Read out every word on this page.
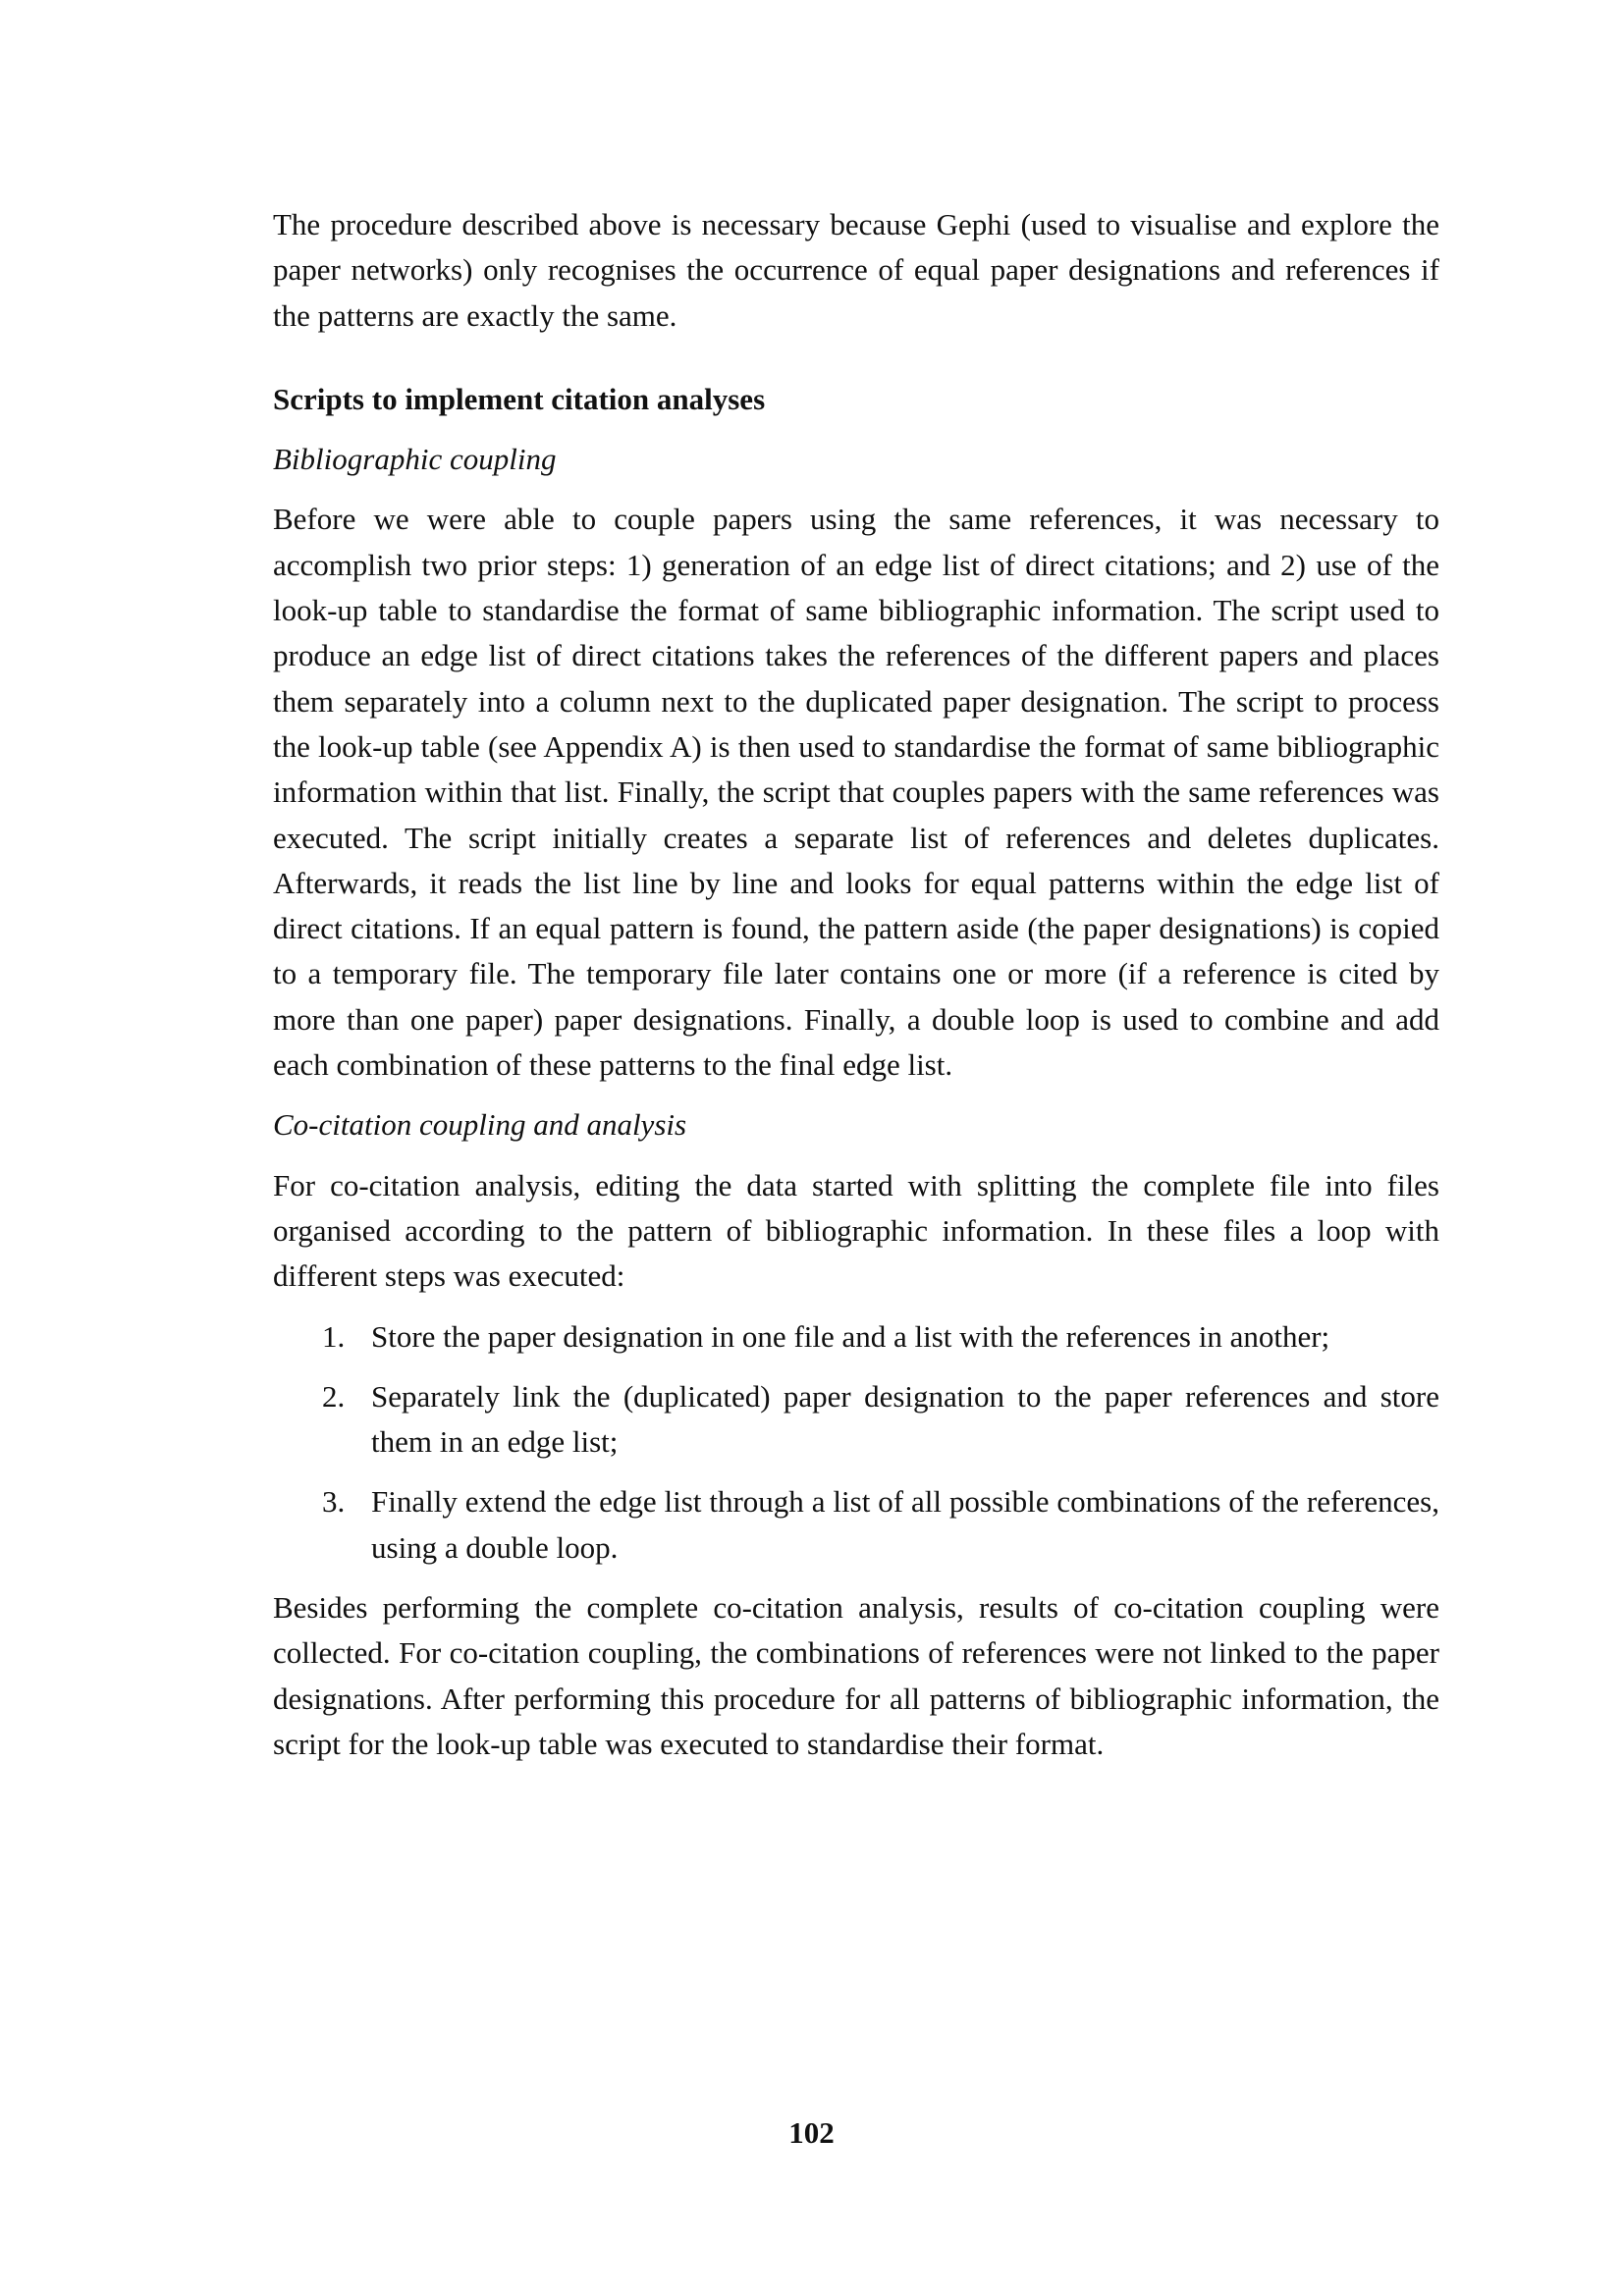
The procedure described above is necessary because Gephi (used to visualise and explore the paper networks) only recognises the occurrence of equal paper designations and references if the patterns are exactly the same.

Scripts to implement citation analyses

Bibliographic coupling

Before we were able to couple papers using the same references, it was necessary to accomplish two prior steps: 1) generation of an edge list of direct citations; and 2) use of the look-up table to standardise the format of same bibliographic information. The script used to produce an edge list of direct citations takes the references of the different papers and places them separately into a column next to the duplicated paper designation. The script to process the look-up table (see Appendix A) is then used to standardise the format of same bibliographic information within that list. Finally, the script that couples papers with the same references was executed. The script initially creates a separate list of references and deletes duplicates. Afterwards, it reads the list line by line and looks for equal patterns within the edge list of direct citations. If an equal pattern is found, the pattern aside (the paper designations) is copied to a temporary file. The temporary file later contains one or more (if a reference is cited by more than one paper) paper designations. Finally, a double loop is used to combine and add each combination of these patterns to the final edge list.

Co-citation coupling and analysis

For co-citation analysis, editing the data started with splitting the complete file into files organised according to the pattern of bibliographic information. In these files a loop with different steps was executed:

1. Store the paper designation in one file and a list with the references in another;
2. Separately link the (duplicated) paper designation to the paper references and store them in an edge list;
3. Finally extend the edge list through a list of all possible combinations of the references, using a double loop.

Besides performing the complete co-citation analysis, results of co-citation coupling were collected. For co-citation coupling, the combinations of references were not linked to the paper designations. After performing this procedure for all patterns of bibliographic information, the script for the look-up table was executed to standardise their format.

102
